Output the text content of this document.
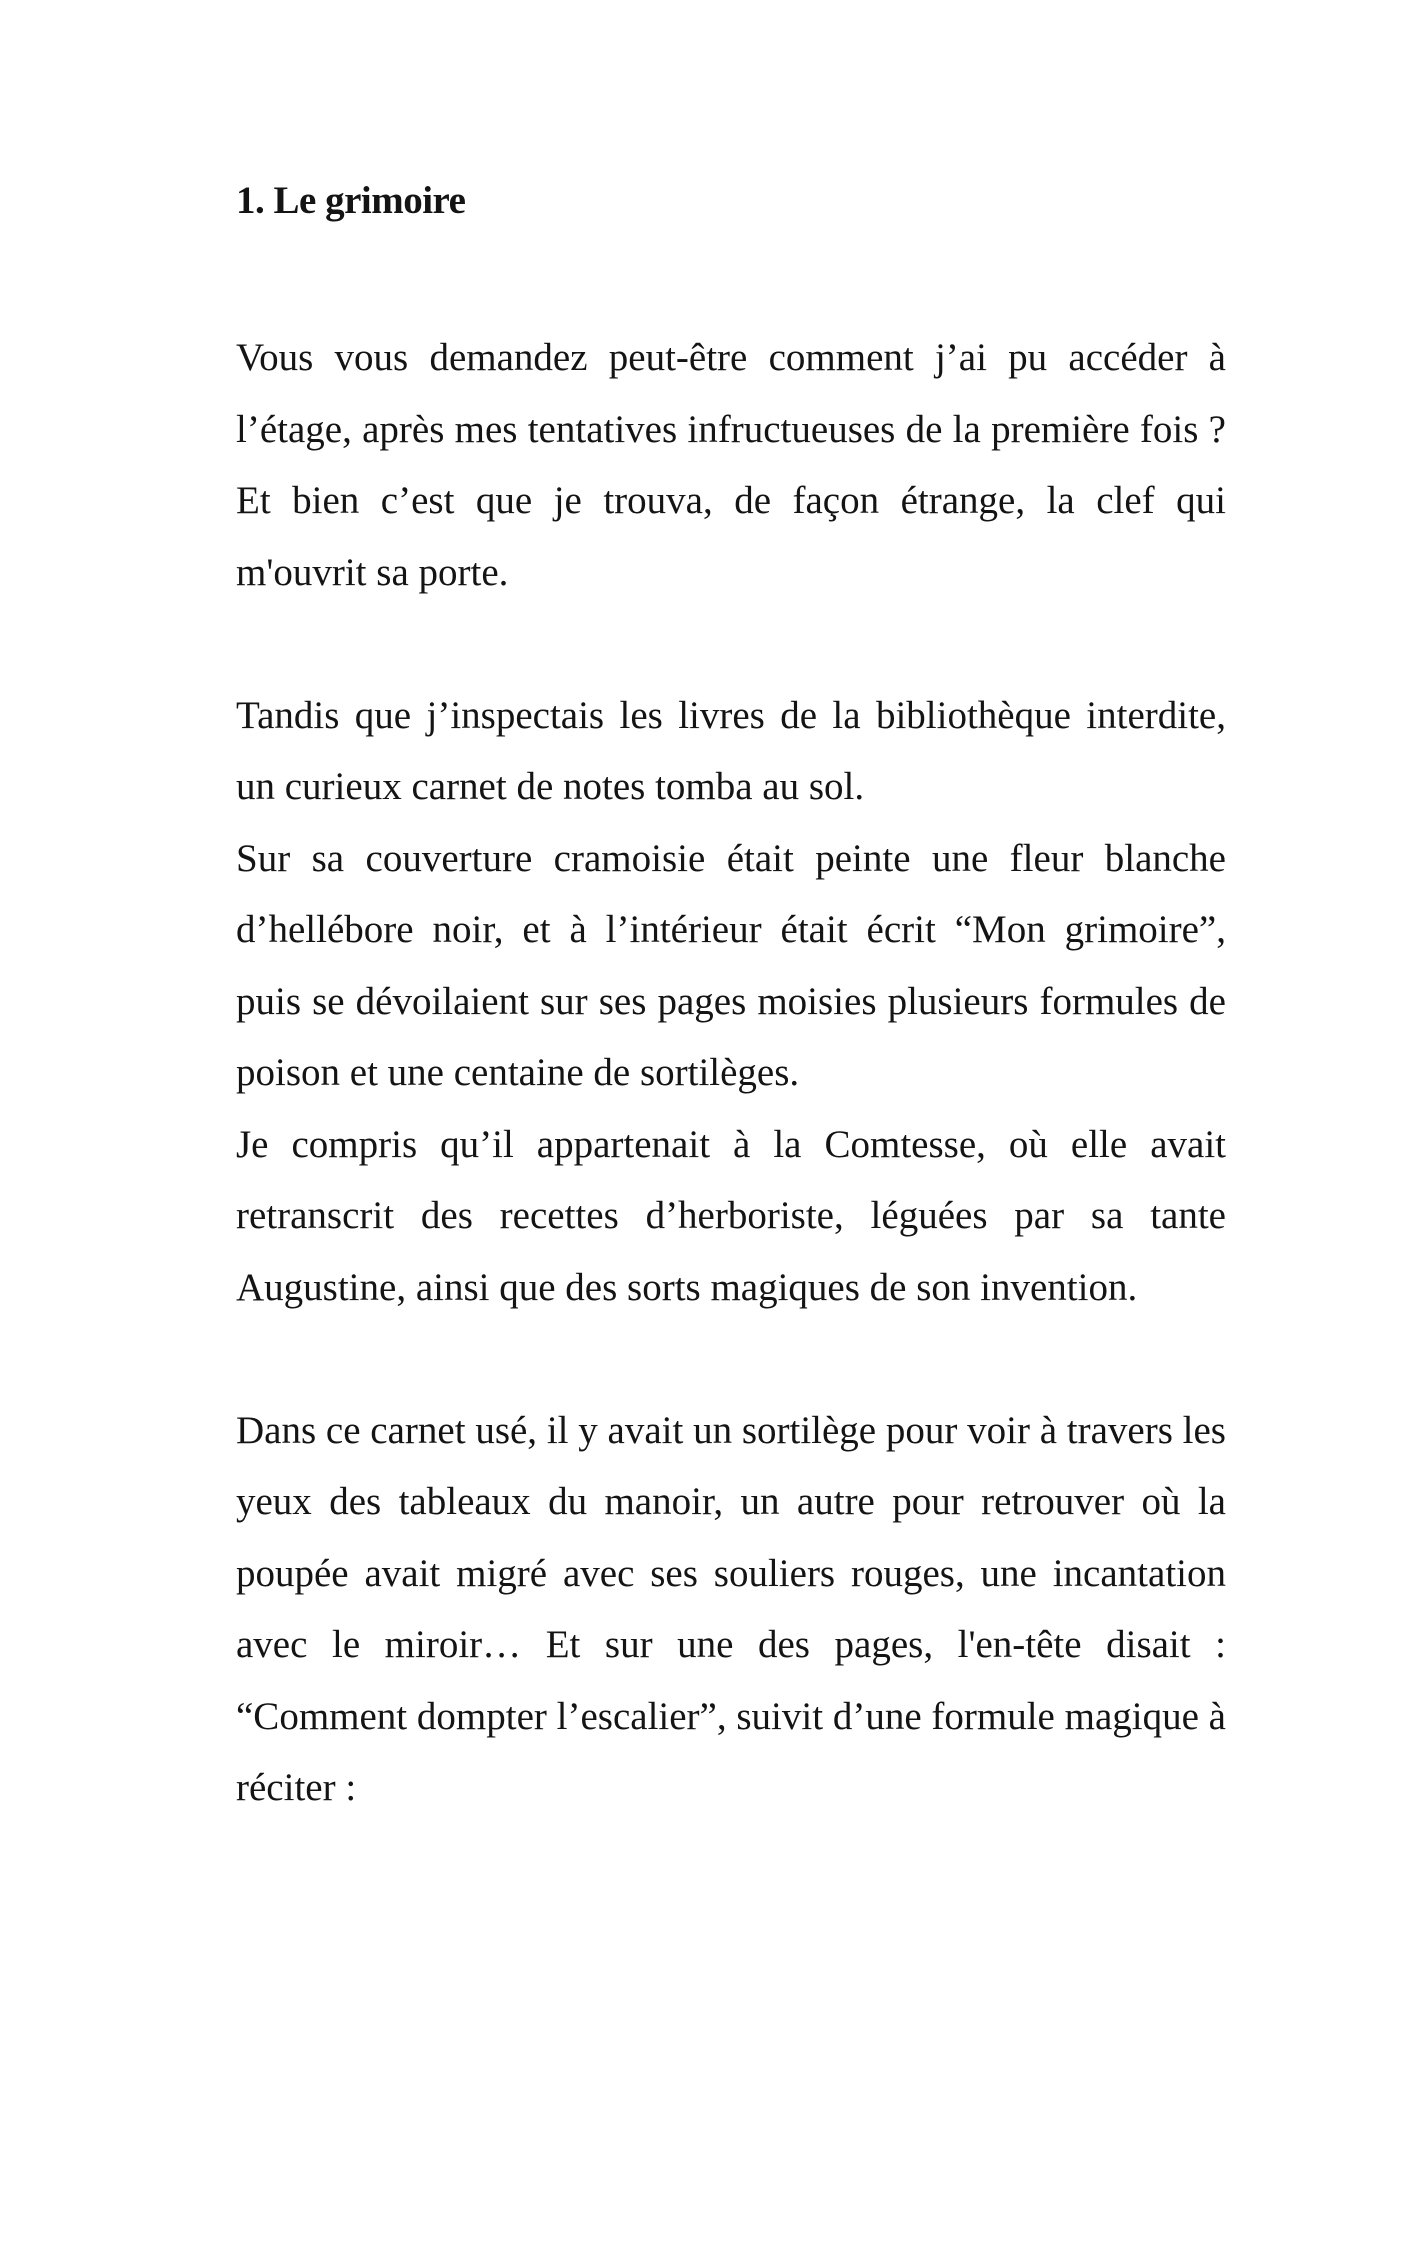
1. Le grimoire

Vous vous demandez peut-être comment j’ai pu accéder à l’étage, après mes tentatives infructueuses de la première fois ? Et bien c’est que je trouva, de façon étrange, la clef qui m'ouvrit sa porte.

Tandis que j’inspectais les livres de la bibliothèque interdite, un curieux carnet de notes tomba au sol.

Sur sa couverture cramoisie était peinte une fleur blanche d’hellébore noir, et à l’intérieur était écrit “Mon grimoire”, puis se dévoilaient sur ses pages moisies plusieurs formules de poison et une centaine de sortilèges.

Je compris qu’il appartenait à la Comtesse, où elle avait retranscrit des recettes d’herboriste, léguées par sa tante Augustine, ainsi que des sorts magiques de son invention.

Dans ce carnet usé, il y avait un sortilège pour voir à travers les yeux des tableaux du manoir, un autre pour retrouver où la poupée avait migré avec ses souliers rouges, une incantation avec le miroir… Et sur une des pages, l'en-tête disait : “Comment dompter l’escalier”, suivit d’une formule magique à réciter :
